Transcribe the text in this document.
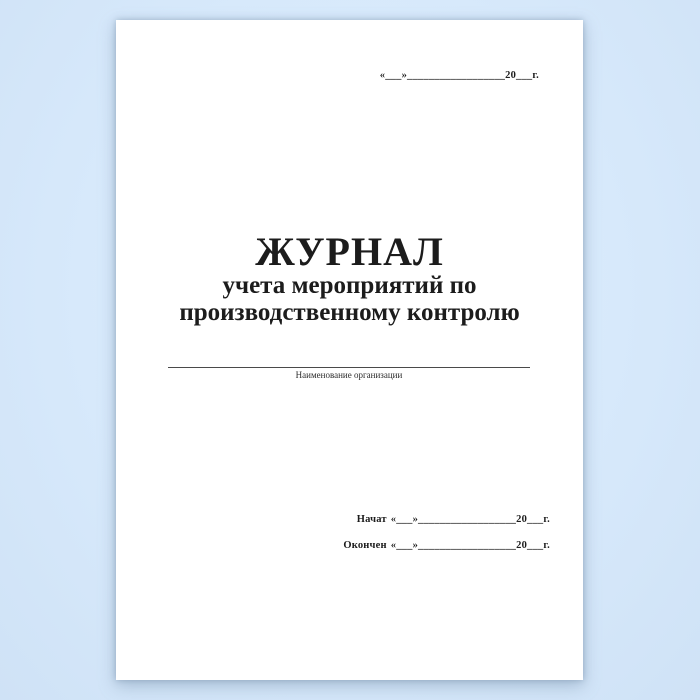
«___»__________________20___г.
ЖУРНАЛ
учета мероприятий по
производственному контролю
Наименование организации
Начат «___»__________________20___г.
Окончен «___»__________________20___г.
